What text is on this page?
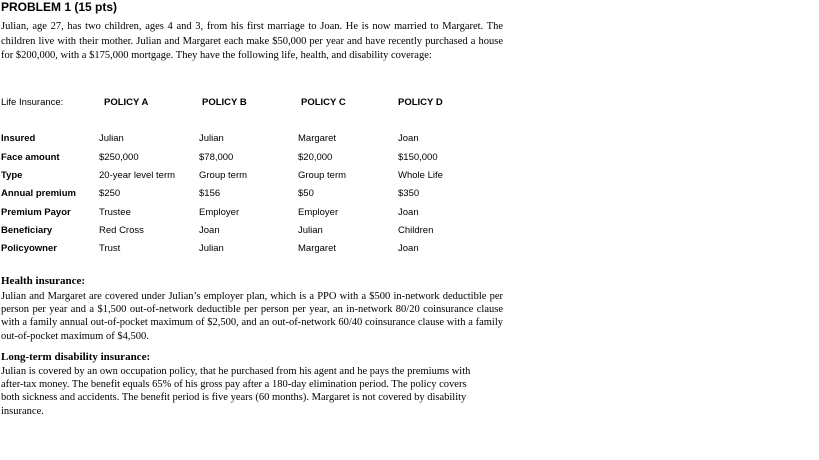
PROBLEM 1 (15 pts)
Julian, age 27, has two children, ages 4 and 3, from his first marriage to Joan. He is now married to Margaret. The children live with their mother. Julian and Margaret each make $50,000 per year and have recently purchased a house for $200,000, with a $175,000 mortgage. They have the following life, health, and disability coverage:
Life Insurance:	POLICY A	POLICY B	POLICY C	POLICY D
Insured	Julian	Julian	Margaret	Joan
Face amount	$250,000	$78,000	$20,000	$150,000
Type	20-year level term	Group term	Group term	Whole Life
Annual premium $250	$156	$50	$350
Premium Payor	Trustee	Employer	Employer	Joan
Beneficiary	Red Cross	Joan	Julian	Children
Policyowner	Trust	Julian	Margaret	Joan
Health insurance:
Julian and Margaret are covered under Julian’s employer plan, which is a PPO with a $500 in-network deductible per person per year and a $1,500 out-of-network deductible per person per year, an in-network 80/20 coinsurance clause with a family annual out-of-pocket maximum of $2,500, and an out-of-network 60/40 coinsurance clause with a family out-of-pocket maximum of $4,500.
Long-term disability insurance:
Julian is covered by an own occupation policy, that he purchased from his agent and he pays the premiums with after-tax money. The benefit equals 65% of his gross pay after a 180-day elimination period. The policy covers both sickness and accidents. The benefit period is five years (60 months). Margaret is not covered by disability insurance.
